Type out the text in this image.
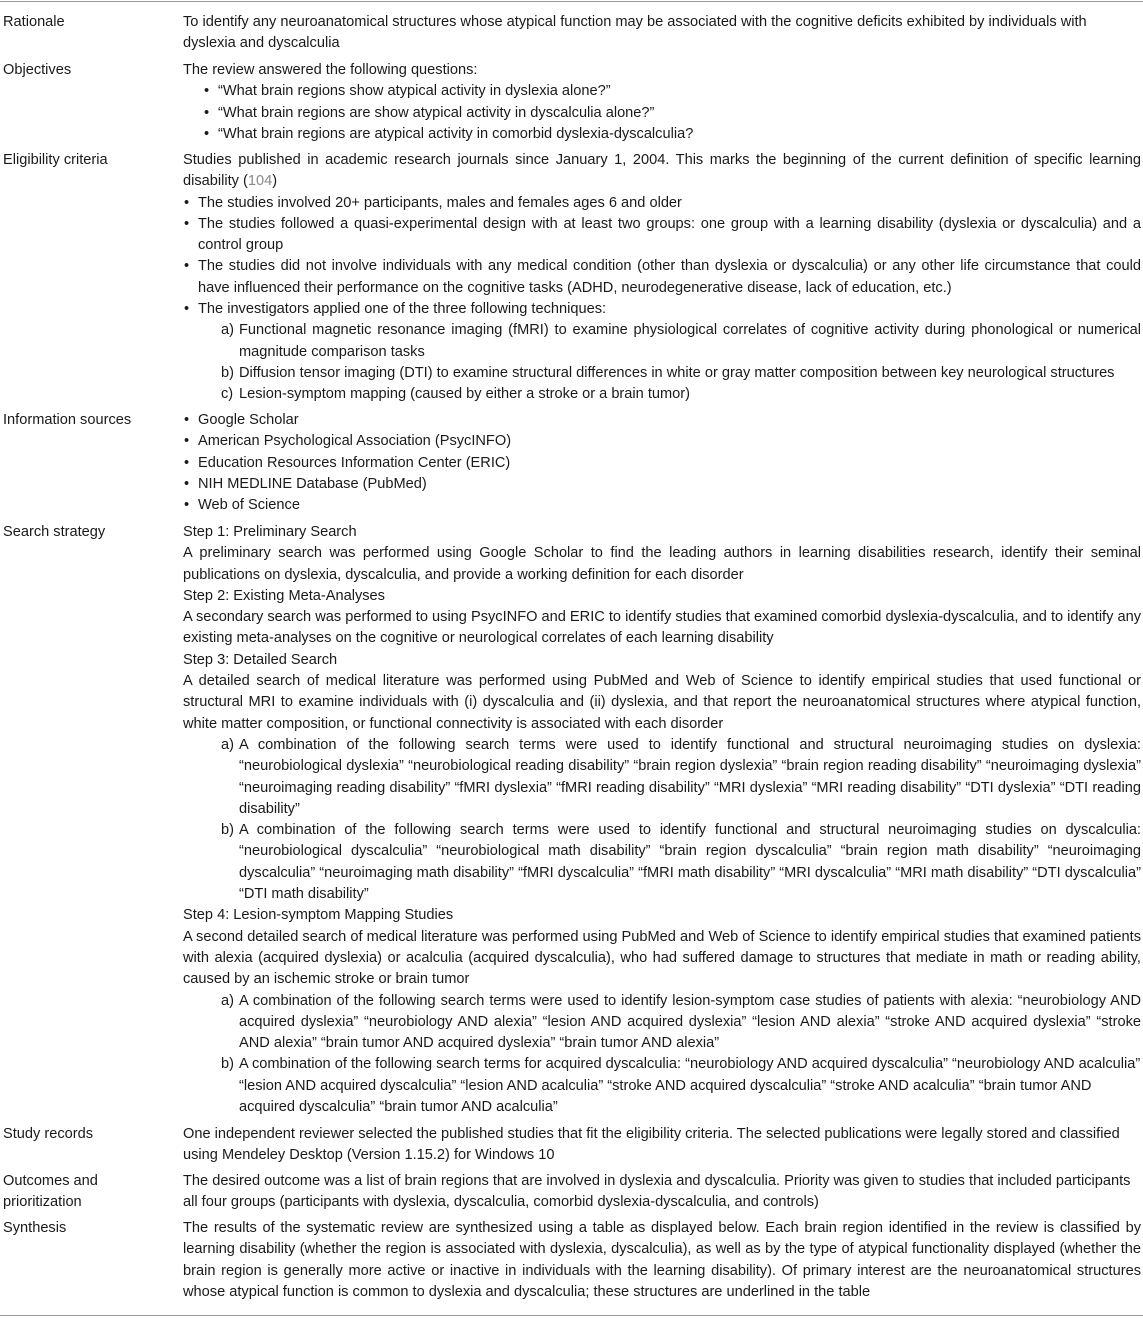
Rationale	To identify any neuroanatomical structures whose atypical function may be associated with the cognitive deficits exhibited by individuals with dyslexia and dyscalculia

Objectives	The review answered the following questions:

• “What brain regions show atypical activity in dyslexia alone?”
• “What brain regions are show atypical activity in dyscalculia alone?”
• “What brain regions are atypical activity in comorbid dyslexia-dyscalculia?
Eligibility criteria	Studies published in academic research journals since January 1, 2004. This marks the beginning of the current definition of specific learning disability (104)

• The studies involved 20+ participants, males and females ages 6 and older
• The studies followed a quasi-experimental design with at least two groups: one group with a learning disability (dyslexia or dyscalculia) and a control group
• The studies did not involve individuals with any medical condition (other than dyslexia or dyscalculia) or any other life circumstance that could have influenced their performance on the cognitive tasks (ADHD, neurodegenerative disease, lack of education, etc.)
• The investigators applied one of the three following techniques:
a) Functional magnetic resonance imaging (fMRI) to examine physiological correlates of cognitive activity during phonological or numerical magnitude comparison tasks
b) Diffusion tensor imaging (DTI) to examine structural differences in white or gray matter composition between key neurological structures
c) Lesion-symptom mapping (caused by either a stroke or a brain tumor)
Information sources
•	Google Scholar
• American Psychological Association (PsycINFO)
• Education Resources Information Center (ERIC)
• NIH MEDLINE Database (PubMed)
• Web of Science
Search strategy	Step 1: Preliminary Search

A preliminary search was performed using Google Scholar to find the leading authors in learning disabilities research, identify their seminal publications on dyslexia, dyscalculia, and provide a working definition for each disorder

Step 2: Existing Meta-Analyses

A secondary search was performed to using PsycINFO and ERIC to identify studies that examined comorbid dyslexia-dyscalculia, and to identify any existing meta-analyses on the cognitive or neurological correlates of each learning disability

Step 3: Detailed Search

A detailed search of medical literature was performed using PubMed and Web of Science to identify empirical studies that used functional or structural MRI to examine individuals with (i) dyscalculia and (ii) dyslexia, and that report the neuroanatomical structures where atypical function, white matter composition, or functional connectivity is associated with each disorder

a) A combination of the following search terms were used to identify functional and structural neuroimaging studies on dyslexia: “neurobiological dyslexia” “neurobiological reading disability” “brain region dyslexia” “brain region reading disability” “neuroimaging dyslexia” “neuroimaging reading disability” “fMRI dyslexia” “fMRI reading disability” “MRI dyslexia” “MRI reading disability” “DTI dyslexia” “DTI reading disability”
b) A combination of the following search terms were used to identify functional and structural neuroimaging studies on dyscalculia: “neurobiological dyscalculia” “neurobiological math disability” “brain region dyscalculia” “brain region math disability” “neuroimaging dyscalculia” “neuroimaging math disability” “fMRI dyscalculia” “fMRI math disability” “MRI dyscalculia” “MRI math disability” “DTI dyscalculia” “DTI math disability”

Step 4: Lesion-symptom Mapping Studies

A second detailed search of medical literature was performed using PubMed and Web of Science to identify empirical studies that examined patients with alexia (acquired dyslexia) or acalculia (acquired dyscalculia), who had suffered damage to structures that mediate in math or reading ability, caused by an ischemic stroke or brain tumor

a) A combination of the following search terms were used to identify lesion-symptom case studies of patients with alexia: “neurobiology AND acquired dyslexia” “neurobiology AND alexia” “lesion AND acquired dyslexia” “lesion AND alexia” “stroke AND acquired dyslexia” “stroke AND alexia” “brain tumor AND acquired dyslexia” “brain tumor AND alexia”
b) A combination of the following search terms for acquired dyscalculia: “neurobiology AND acquired dyscalculia” “neurobiology AND acalculia” “lesion AND acquired dyscalculia” “lesion AND acalculia” “stroke AND acquired dyscalculia” “stroke AND acalculia” “brain tumor AND acquired dyscalculia” “brain tumor AND acalculia”
Study records	One independent reviewer selected the published studies that fit the eligibility criteria. The selected publications were legally stored and classified using Mendeley Desktop (Version 1.15.2) for Windows 10

Outcomes and
prioritization

The desired outcome was a list of brain regions that are involved in dyslexia and dyscalculia. Priority was given to studies that included participants all four groups (participants with dyslexia, dyscalculia, comorbid dyslexia-dyscalculia, and controls)

Synthesis	The results of the systematic review are synthesized using a table as displayed below. Each brain region identified in the review is classified by learning disability (whether the region is associated with dyslexia, dyscalculia), as well as by the type of atypical functionality displayed (whether the brain region is generally more active or inactive in individuals with the learning disability). Of primary interest are the neuroanatomical structures whose atypical function is common to dyslexia and dyscalculia; these structures are underlined in the table
